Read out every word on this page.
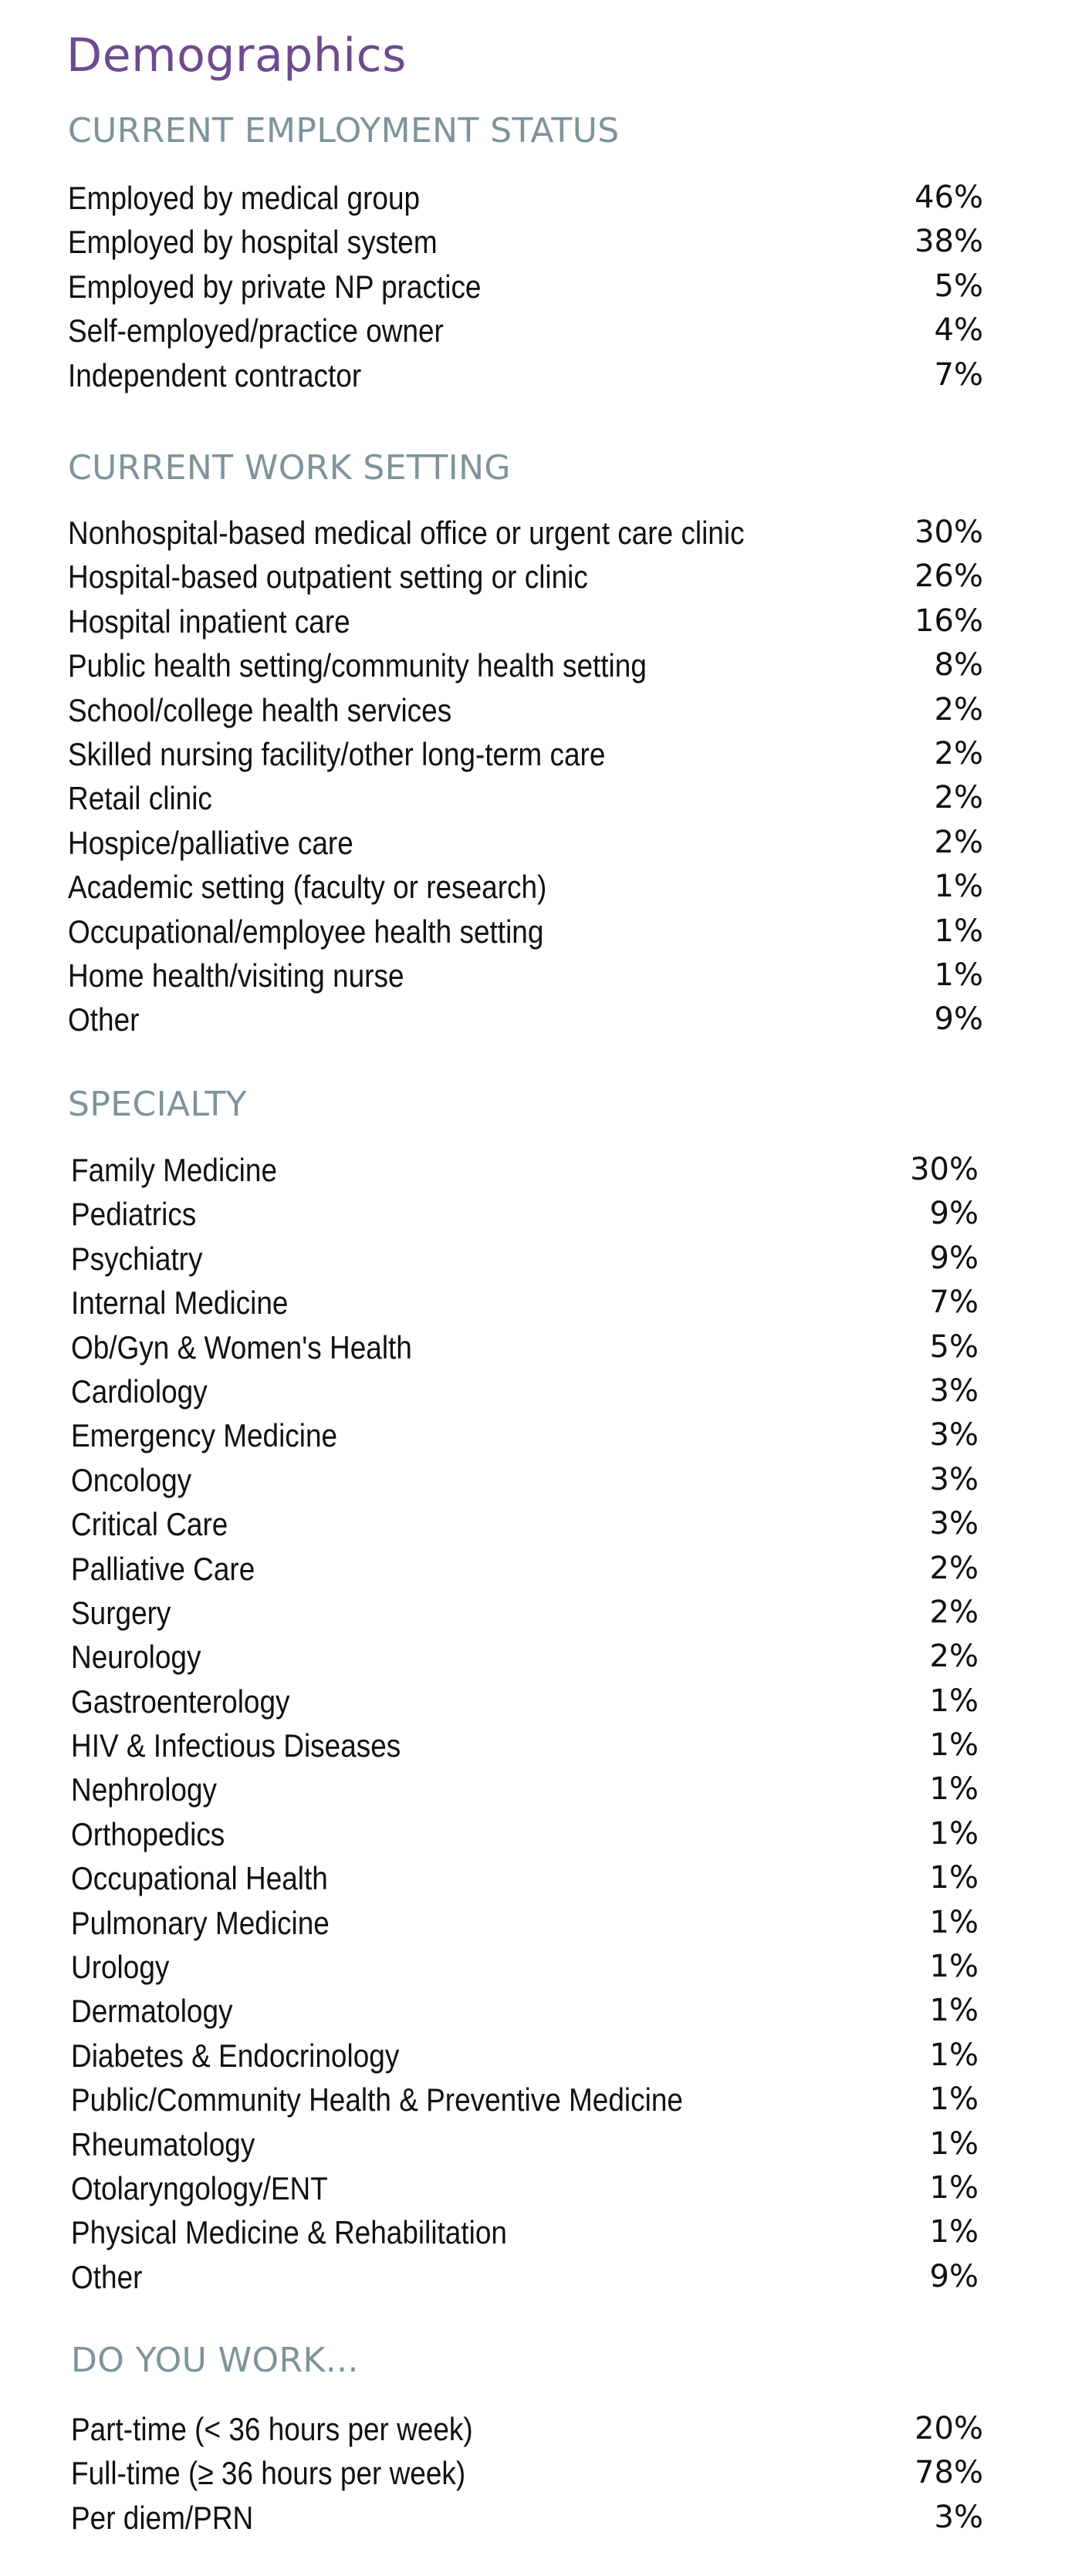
Demographics
CURRENT EMPLOYMENT STATUS
Employed by medical group	46%
Employed by hospital system	38%
Employed by private NP practice	5%
Self-employed/practice owner	4%
Independent contractor	7%
CURRENT WORK SETTING
Nonhospital-based medical office or urgent care clinic	30%
Hospital-based outpatient setting or clinic	26%
Hospital inpatient care	16%
Public health setting/community health setting	8%
School/college health services	2%
Skilled nursing facility/other long-term care	2%
Retail clinic	2%
Hospice/palliative care	2%
Academic setting (faculty or research)	1%
Occupational/employee health setting	1%
Home health/visiting nurse	1%
Other	9%
SPECIALTY
Family Medicine	30%
Pediatrics	9%
Psychiatry	9%
Internal Medicine	7%
Ob/Gyn & Women's Health	5%
Cardiology	3%
Emergency Medicine	3%
Oncology	3%
Critical Care	3%
Palliative Care	2%
Surgery	2%
Neurology	2%
Gastroenterology	1%
HIV & Infectious Diseases	1%
Nephrology	1%
Orthopedics	1%
Occupational Health	1%
Pulmonary Medicine	1%
Urology	1%
Dermatology	1%
Diabetes & Endocrinology	1%
Public/Community Health & Preventive Medicine	1%
Rheumatology	1%
Otolaryngology/ENT	1%
Physical Medicine & Rehabilitation	1%
Other	9%
DO YOU WORK...
Part-time (< 36 hours per week)	20%
Full-time (≥ 36 hours per week)	78%
Per diem/PRN	3%
